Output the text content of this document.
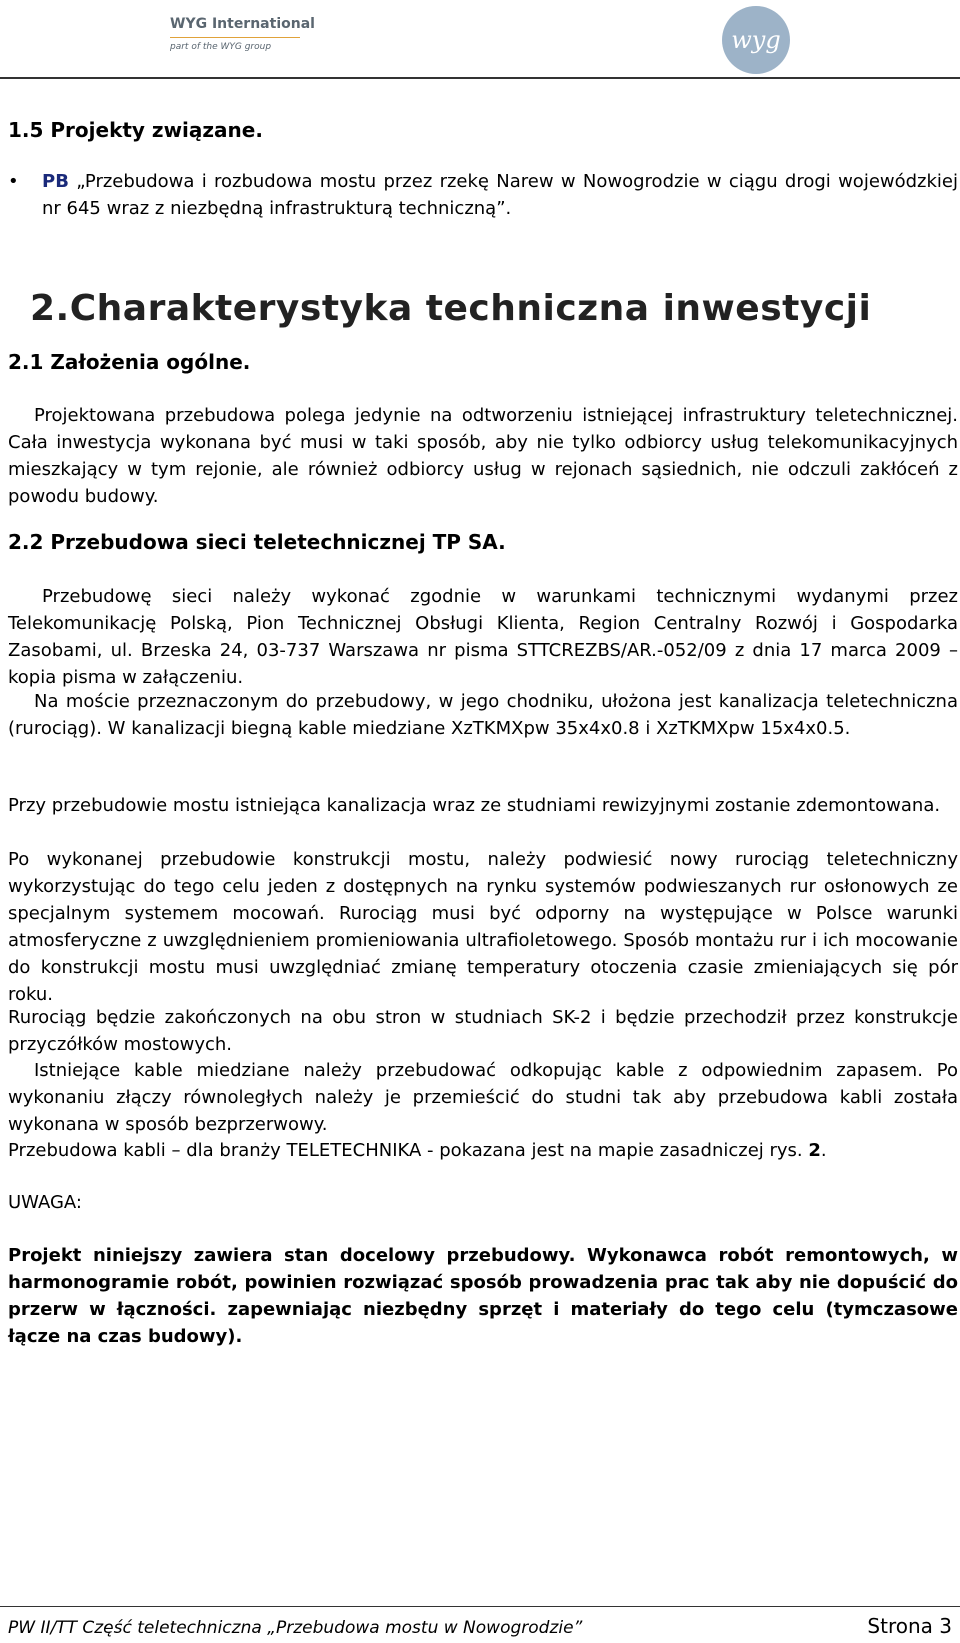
WYG International
part of the WYG group	wyg
1.5 Projekty związane.
• PB „Przebudowa i rozbudowa mostu przez rzekę Narew w Nowogrodzie w ciągu drogi wojewódzkiej nr 645 wraz z niezbędną infrastrukturą techniczną”.
2.Charakterystyka techniczna inwestycji
2.1 Założenia ogólne.
Projektowana przebudowa polega jedynie na odtworzeniu istniejącej infrastruktury teletechnicznej. Cała inwestycja wykonana być musi w taki sposób, aby nie tylko odbiorcy usług telekomunikacyjnych mieszkający w tym rejonie, ale również odbiorcy usług w rejonach sąsiednich, nie odczuli zakłóceń z powodu budowy.
2.2 Przebudowa sieci teletechnicznej TP SA.
Przebudowę sieci należy wykonać zgodnie w warunkami technicznymi wydanymi przez Telekomunikację Polską, Pion Technicznej Obsługi Klienta, Region Centralny Rozwój i Gospodarka Zasobami, ul. Brzeska 24, 03-737 Warszawa nr pisma STTCREZBS/AR.-052/09 z dnia 17 marca 2009 – kopia pisma w załączeniu.
Na moście przeznaczonym do przebudowy, w jego chodniku, ułożona jest kanalizacja teletechniczna (rurociąg). W kanalizacji biegną kable miedziane XzTKMXpw 35x4x0.8 i XzTKMXpw 15x4x0.5.
Przy przebudowie mostu istniejąca kanalizacja wraz ze studniami rewizyjnymi zostanie zdemontowana.
Po wykonanej przebudowie konstrukcji mostu, należy podwiesić nowy rurociąg teletechniczny wykorzystując do tego celu jeden z dostępnych na rynku systemów podwieszanych rur osłonowych ze specjalnym systemem mocowań. Rurociąg musi być odporny na występujące w Polsce warunki atmosferyczne z uwzględnieniem promieniowania ultrafioletowego. Sposób montażu rur i ich mocowanie do konstrukcji mostu musi uwzględniać zmianę temperatury otoczenia czasie zmieniających się pór roku.
Rurociąg będzie zakończonych na obu stron w studniach SK-2 i będzie przechodził przez konstrukcje przyczółków mostowych.
Istniejące kable miedziane należy przebudować odkopując kable z odpowiednim zapasem. Po wykonaniu złączy równoległych należy je przemieścić do studni tak aby przebudowa kabli została wykonana w sposób bezprzerwowy.
Przebudowa kabli – dla branży TELETECHNIKA - pokazana jest na mapie zasadniczej rys. 2.
UWAGA:
Projekt niniejszy zawiera stan docelowy przebudowy. Wykonawca robót remontowych, w harmonogramie robót, powinien rozwiązać sposób prowadzenia prac tak aby nie dopuścić do przerw w łączności. zapewniając niezbędny sprzęt i materiały do tego celu (tymczasowe łącze na czas budowy).
PW II/TT Część teletechniczna „Przebudowa mostu w Nowogrodzie”	Strona 3
